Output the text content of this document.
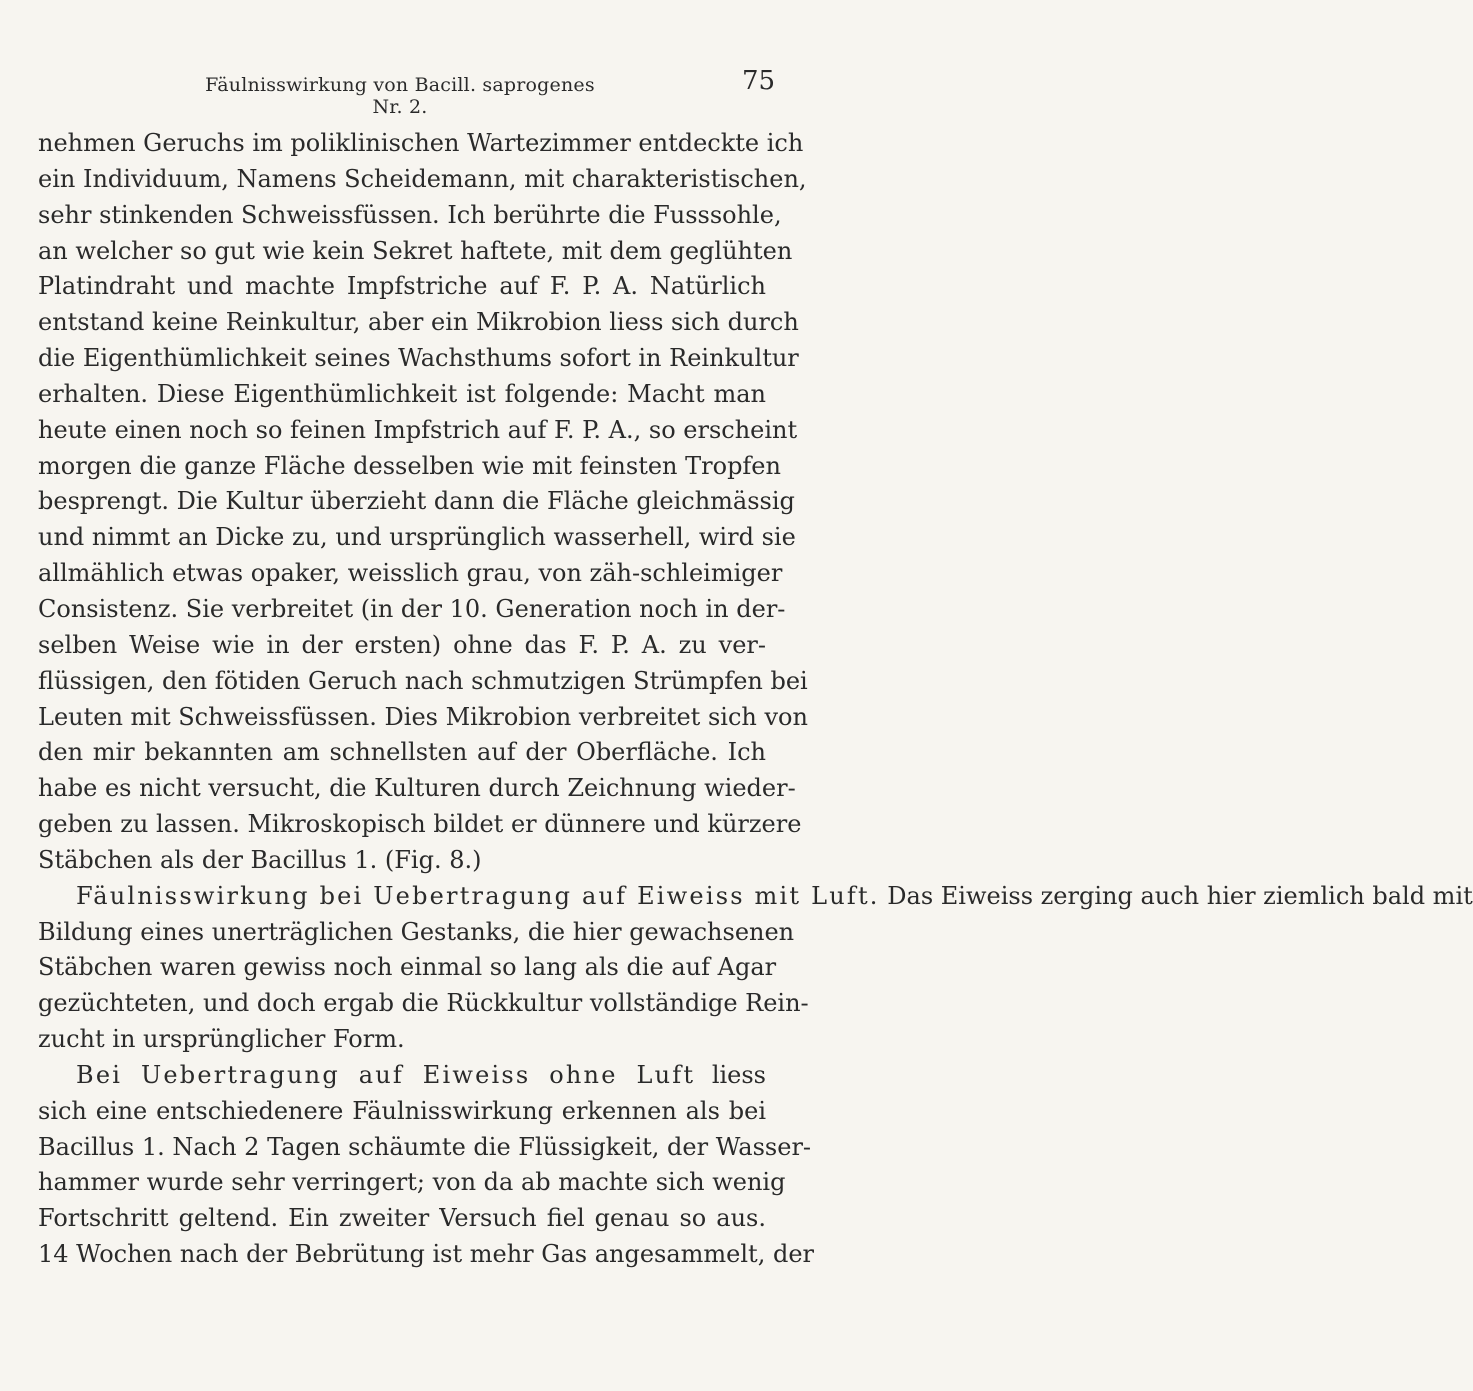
Fäulnisswirkung von Bacill. saprogenes Nr. 2.
75
nehmen Geruchs im poliklinischen Wartezimmer entdeckte ich
ein Individuum, Namens Scheidemann, mit charakteristischen,
sehr stinkenden Schweissfüssen. Ich berührte die Fusssohle,
an welcher so gut wie kein Sekret haftete, mit dem geglühten
Platindraht und machte Impfstriche auf F. P. A. Natürlich
entstand keine Reinkultur, aber ein Mikrobion liess sich durch
die Eigenthümlichkeit seines Wachsthums sofort in Reinkultur
erhalten. Diese Eigenthümlichkeit ist folgende: Macht man
heute einen noch so feinen Impfstrich auf F. P. A., so erscheint
morgen die ganze Fläche desselben wie mit feinsten Tropfen
besprengt. Die Kultur überzieht dann die Fläche gleichmässig
und nimmt an Dicke zu, und ursprünglich wasserhell, wird sie
allmählich etwas opaker, weisslich grau, von zäh-schleimiger
Consistenz. Sie verbreitet (in der 10. Generation noch in der-
selben Weise wie in der ersten) ohne das F. P. A. zu ver-
flüssigen, den fötiden Geruch nach schmutzigen Strümpfen bei
Leuten mit Schweissfüssen. Dies Mikrobion verbreitet sich von
den mir bekannten am schnellsten auf der Oberfläche. Ich
habe es nicht versucht, die Kulturen durch Zeichnung wieder-
geben zu lassen. Mikroskopisch bildet er dünnere und kürzere
Stäbchen als der Bacillus 1. (Fig. 8.)
Fäulnisswirkung bei Uebertragung auf Eiweiss mit Luft. Das Eiweiss zerging auch hier ziemlich bald mit
Bildung eines unerträglichen Gestanks, die hier gewachsenen
Stäbchen waren gewiss noch einmal so lang als die auf Agar
gezüchteten, und doch ergab die Rückkultur vollständige Rein-
zucht in ursprünglicher Form.
Bei Uebertragung auf Eiweiss ohne Luft liess
sich eine entschiedenere Fäulnisswirkung erkennen als bei
Bacillus 1. Nach 2 Tagen schäumte die Flüssigkeit, der Wasser-
hammer wurde sehr verringert; von da ab machte sich wenig
Fortschritt geltend. Ein zweiter Versuch fiel genau so aus.
14 Wochen nach der Bebrütung ist mehr Gas angesammelt, der
